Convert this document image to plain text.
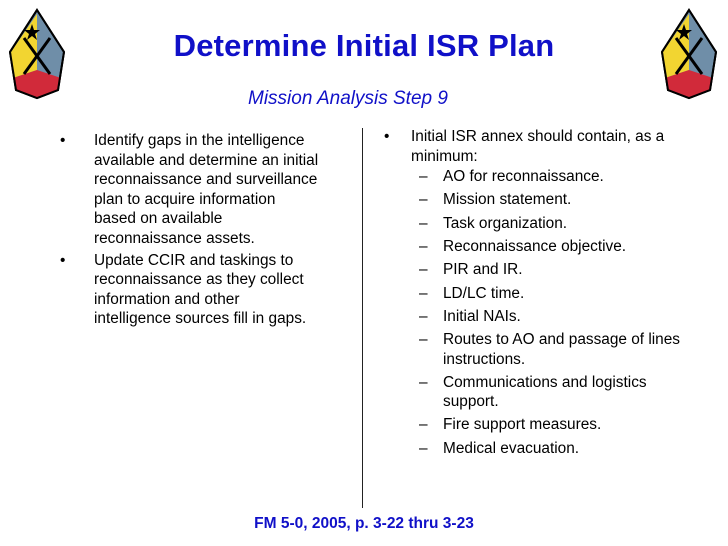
Determine Initial ISR Plan
Mission Analysis Step 9
•	Identify gaps in the intelligence available and determine an initial reconnaissance and surveillance plan to acquire information based on available reconnaissance assets.
•	Update CCIR and taskings to reconnaissance as they collect information and other intelligence sources fill in gaps.
•	Initial ISR annex should contain, as a minimum:
–	AO for reconnaissance.
–	Mission statement.
–	Task organization.
–	Reconnaissance objective.
–	PIR and IR.
–	LD/LC time.
–	Initial NAIs.
–	Routes to AO and passage of lines instructions.
–	Communications and logistics support.
–	Fire support measures.
–	Medical evacuation.
FM 5-0, 2005, p. 3-22 thru 3-23
